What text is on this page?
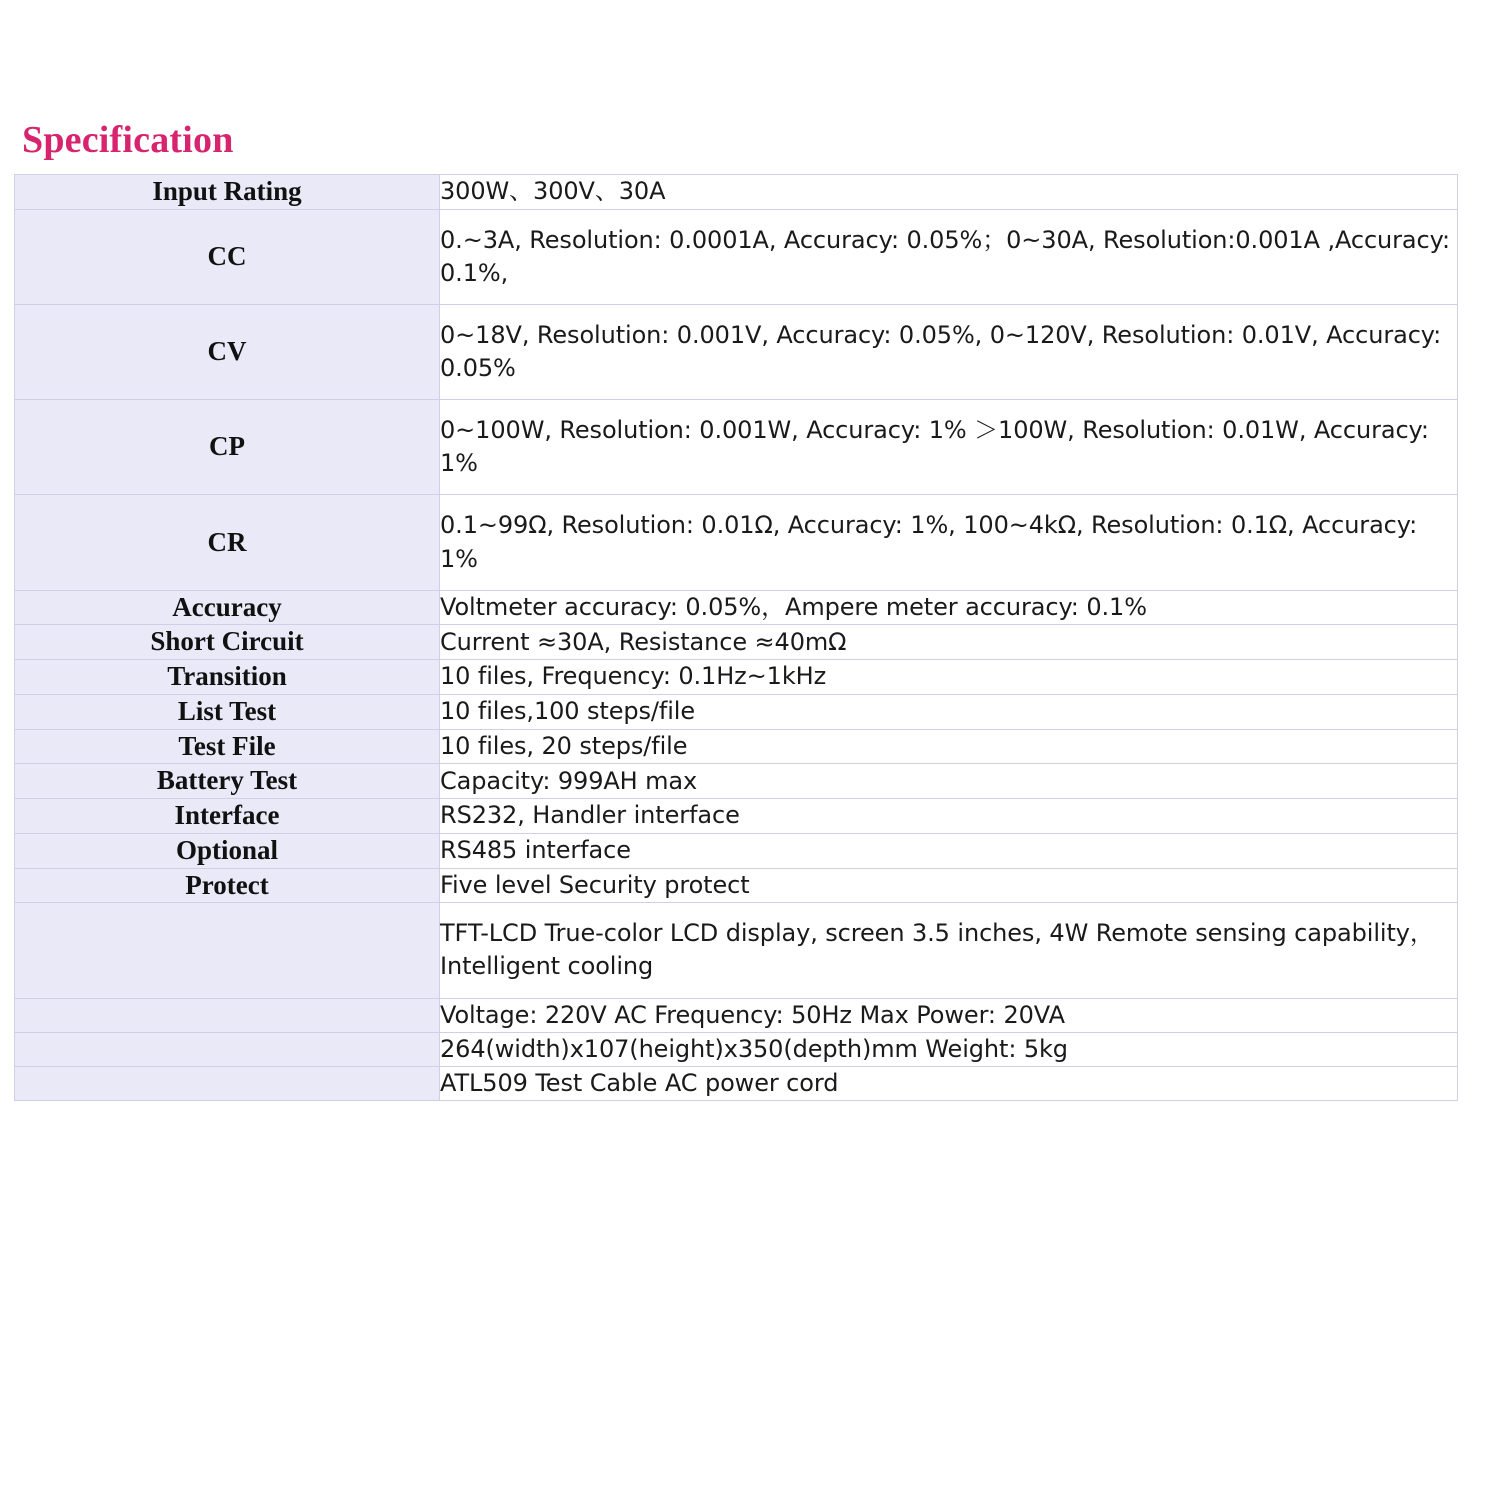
Specification
Input Rating	300W、300V、30A
CC	0.~3A, Resolution: 0.0001A, Accuracy: 0.05%；0~30A, Resolution:0.001A ,Accuracy: 0.1%,
CV	0~18V, Resolution: 0.001V, Accuracy: 0.05%, 0~120V, Resolution: 0.01V, Accuracy: 0.05%
CP	0~100W, Resolution: 0.001W, Accuracy: 1% ＞100W, Resolution: 0.01W, Accuracy: 1%
CR	0.1~99Ω, Resolution: 0.01Ω, Accuracy: 1%, 100~4kΩ, Resolution: 0.1Ω, Accuracy: 1%
Accuracy	Voltmeter accuracy: 0.05%，Ampere meter accuracy: 0.1%
Short Circuit	Current ≈30A, Resistance ≈40mΩ
Transition	10 files, Frequency: 0.1Hz~1kHz
List Test	10 files,100 steps/file
Test File	10 files, 20 steps/file
Battery Test	Capacity: 999AH max
Interface	RS232, Handler interface
Optional	RS485 interface
Protect	Five level Security protect
	TFT-LCD True-color LCD display, screen 3.5 inches, 4W Remote sensing capability，Intelligent cooling
	Voltage: 220V AC Frequency: 50Hz Max Power: 20VA
	264(width)x107(height)x350(depth)mm Weight: 5kg
	ATL509 Test Cable AC power cord
